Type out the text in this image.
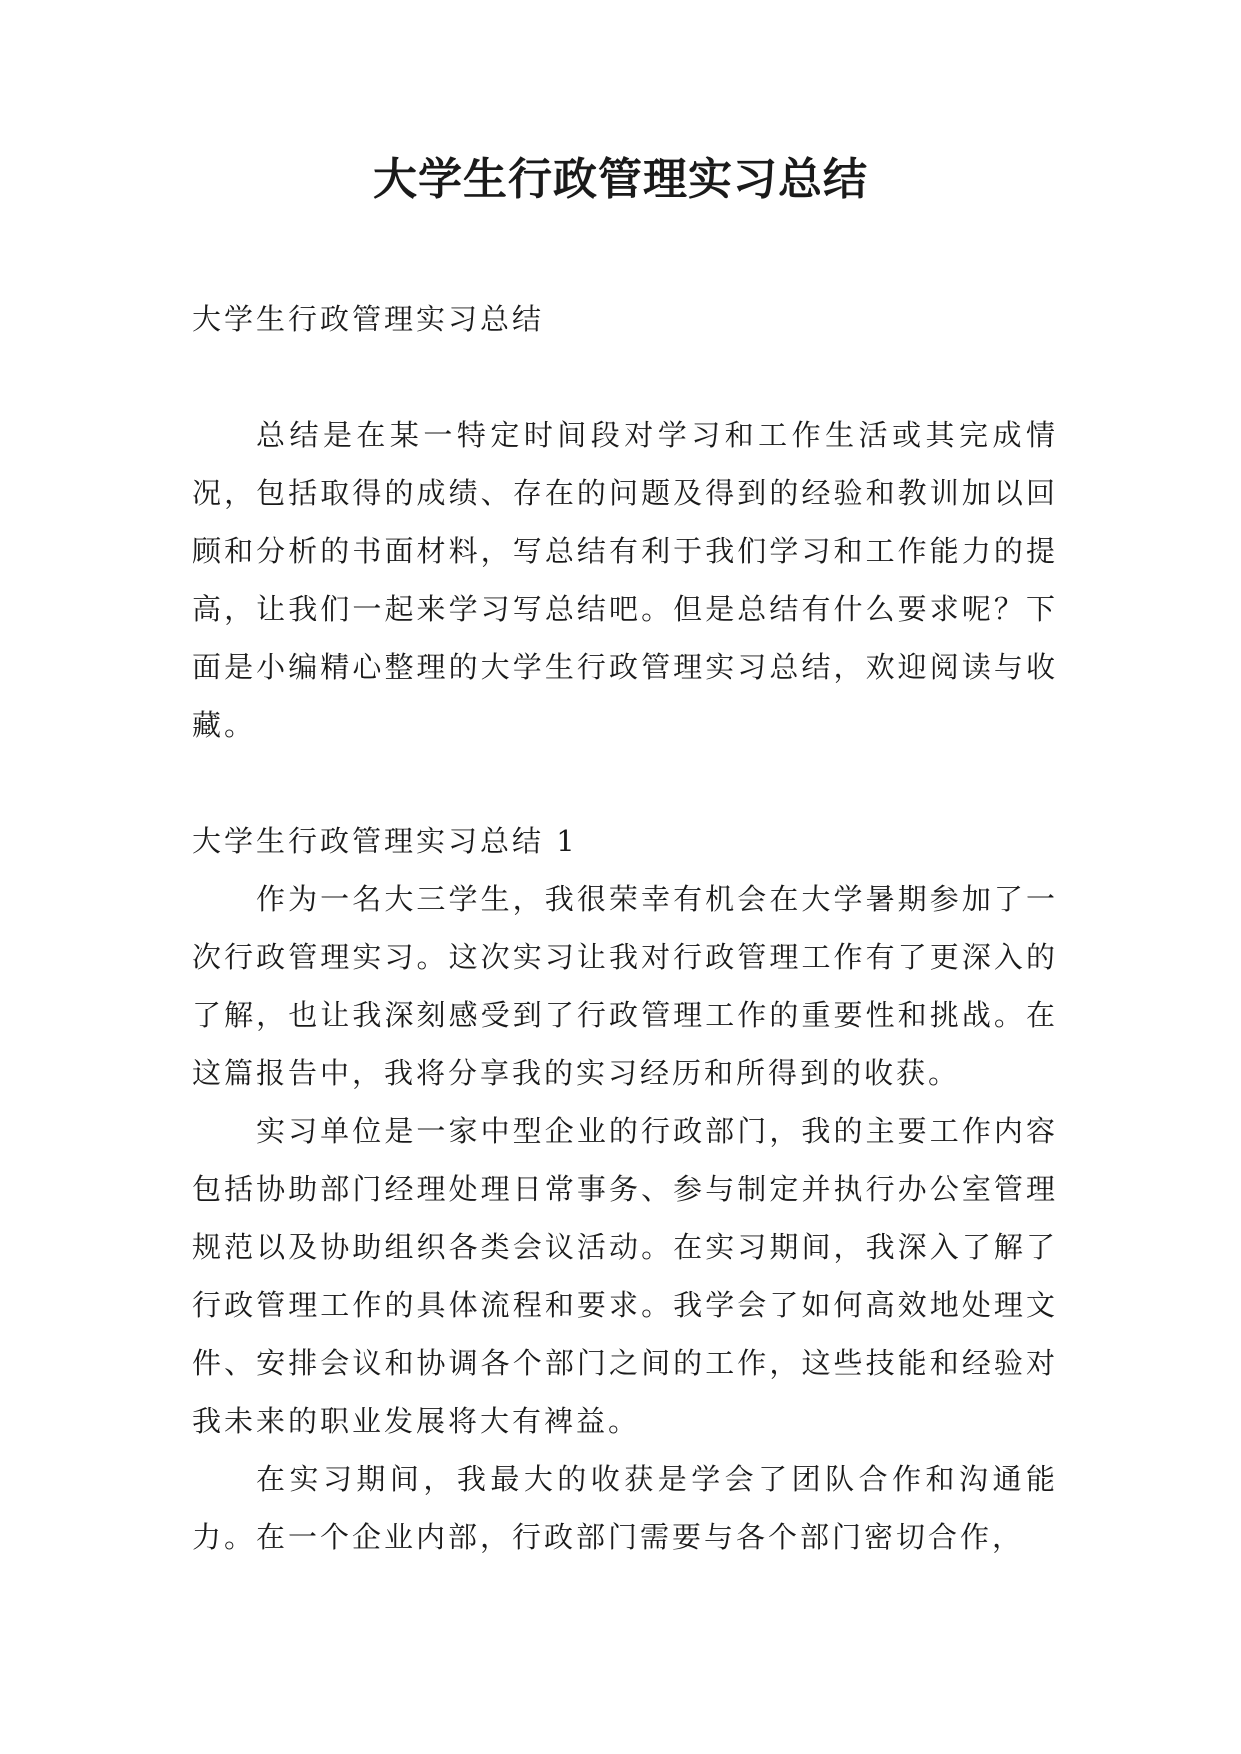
大学生行政管理实习总结

大学生行政管理实习总结

总结是在某一特定时间段对学习和工作生活或其完成情况，包括取得的成绩、存在的问题及得到的经验和教训加以回顾和分析的书面材料，写总结有利于我们学习和工作能力的提高，让我们一起来学习写总结吧。但是总结有什么要求呢？下面是小编精心整理的大学生行政管理实习总结，欢迎阅读与收藏。

大学生行政管理实习总结 1

作为一名大三学生，我很荣幸有机会在大学暑期参加了一次行政管理实习。这次实习让我对行政管理工作有了更深入的了解，也让我深刻感受到了行政管理工作的重要性和挑战。在这篇报告中，我将分享我的实习经历和所得到的收获。

实习单位是一家中型企业的行政部门，我的主要工作内容包括协助部门经理处理日常事务、参与制定并执行办公室管理规范以及协助组织各类会议活动。在实习期间，我深入了解了行政管理工作的具体流程和要求。我学会了如何高效地处理文件、安排会议和协调各个部门之间的工作，这些技能和经验对我未来的职业发展将大有裨益。

在实习期间，我最大的收获是学会了团队合作和沟通能力。在一个企业内部，行政部门需要与各个部门密切合作，
